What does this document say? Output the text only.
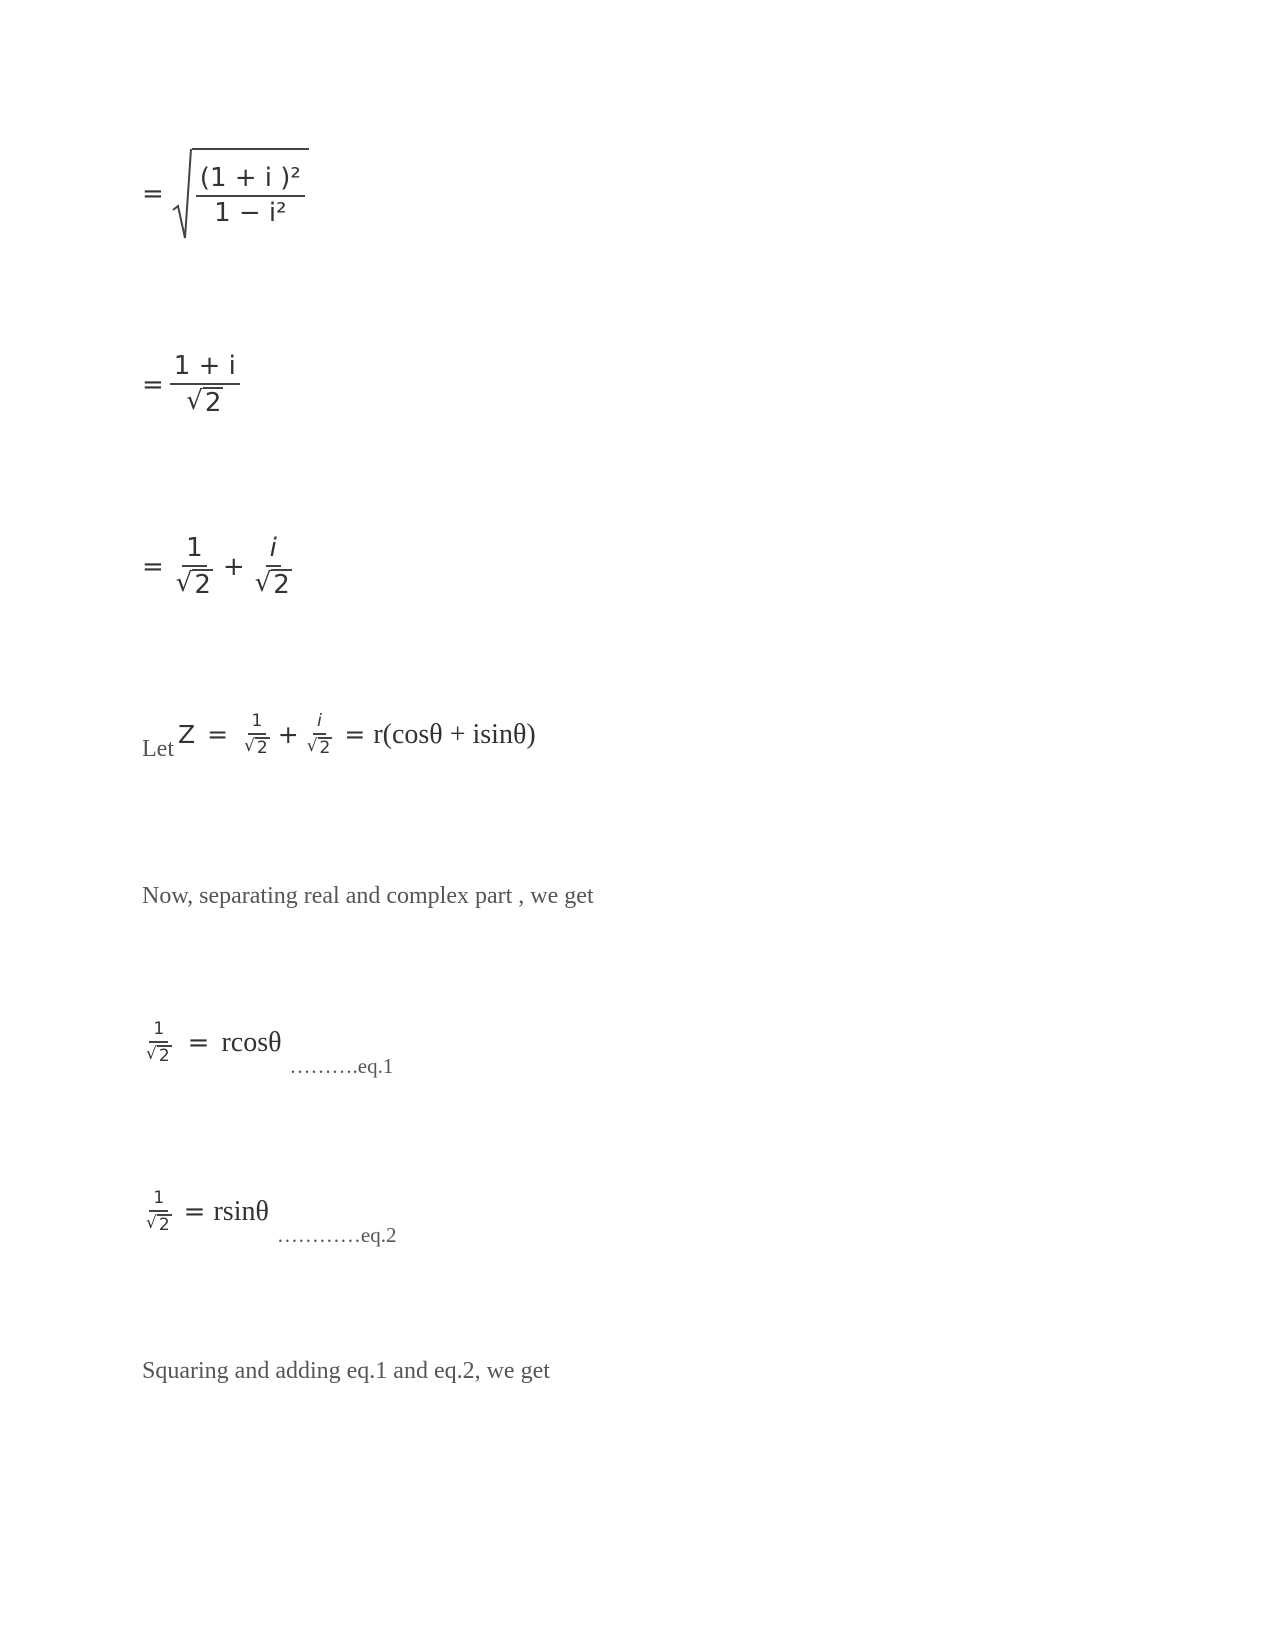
= $\frac{\text{(1 + i )²}}{\text{1 − i²}}$
= $\frac{1 + i}{√ 2}$
= $\frac{1}{√ 2} + \frac{i}{√ 2}$
Let
$Z = \frac{1}{√ 2} + \frac{i}{√ 2} = r(\cos\theta + isin\theta)$
Now, separating real and complex part , we get
$\frac{1}{√ 2} = rcos\theta$
……….eq.1
$\frac{1}{√ 2} = rsin\theta$
…………eq.2
Squaring and adding eq.1 and eq.2, we get
